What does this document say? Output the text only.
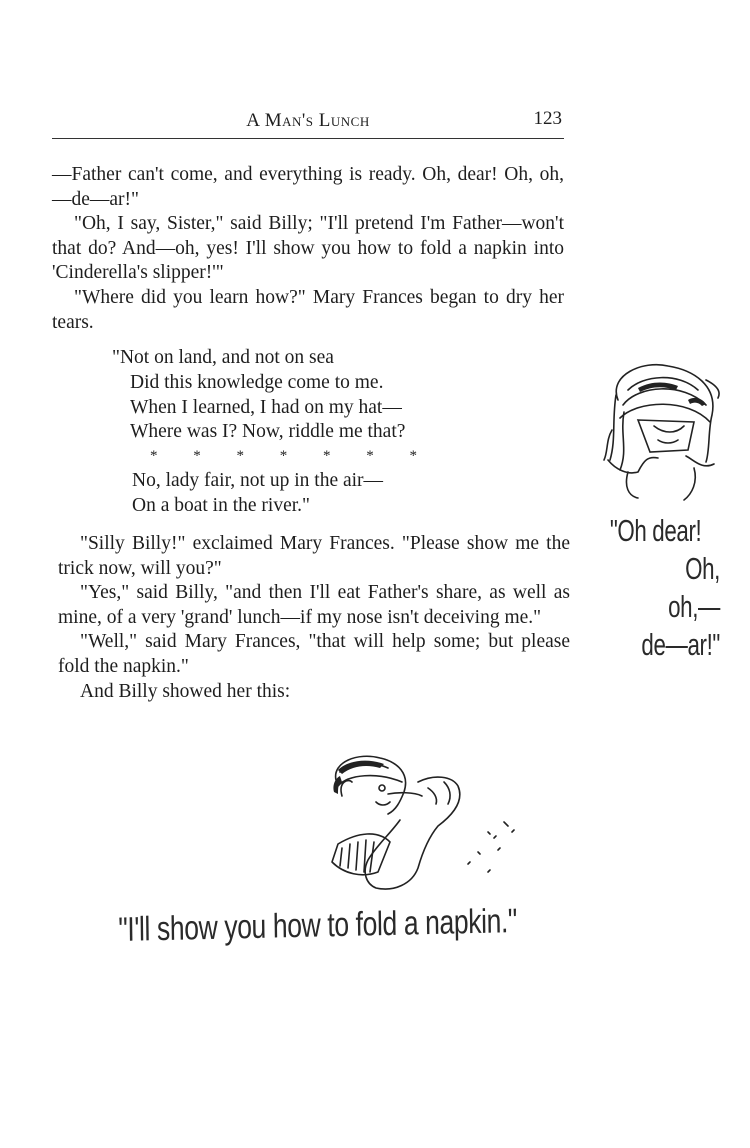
A Man's Lunch	123

—Father can't come, and everything is ready. Oh, dear! Oh, oh,—de—ar!"

"Oh, I say, Sister," said Billy; "I'll pretend I'm Father—won't that do? And—oh, yes! I'll show you how to fold a napkin into 'Cinderella's slipper!'"

"Where did you learn how?" Mary Frances began to dry her tears.

"Not on land, and not on sea
Did this knowledge come to me.
When I learned, I had on my hat—
Where was I? Now, riddle me that?
* * * * * * *
No, lady fair, not up in the air—
On a boat in the river."

"Silly Billy!" exclaimed Mary Frances. "Please show me the trick now, will you?"

"Yes," said Billy, "and then I'll eat Father's share, as well as mine, of a very 'grand' lunch—if my nose isn't deceiving me."

"Well," said Mary Frances, "that will help some; but please fold the napkin."

And Billy showed her this:

"Oh dear!
Oh,
oh,—
de—ar!"
"I'll show you how to fold a napkin."
